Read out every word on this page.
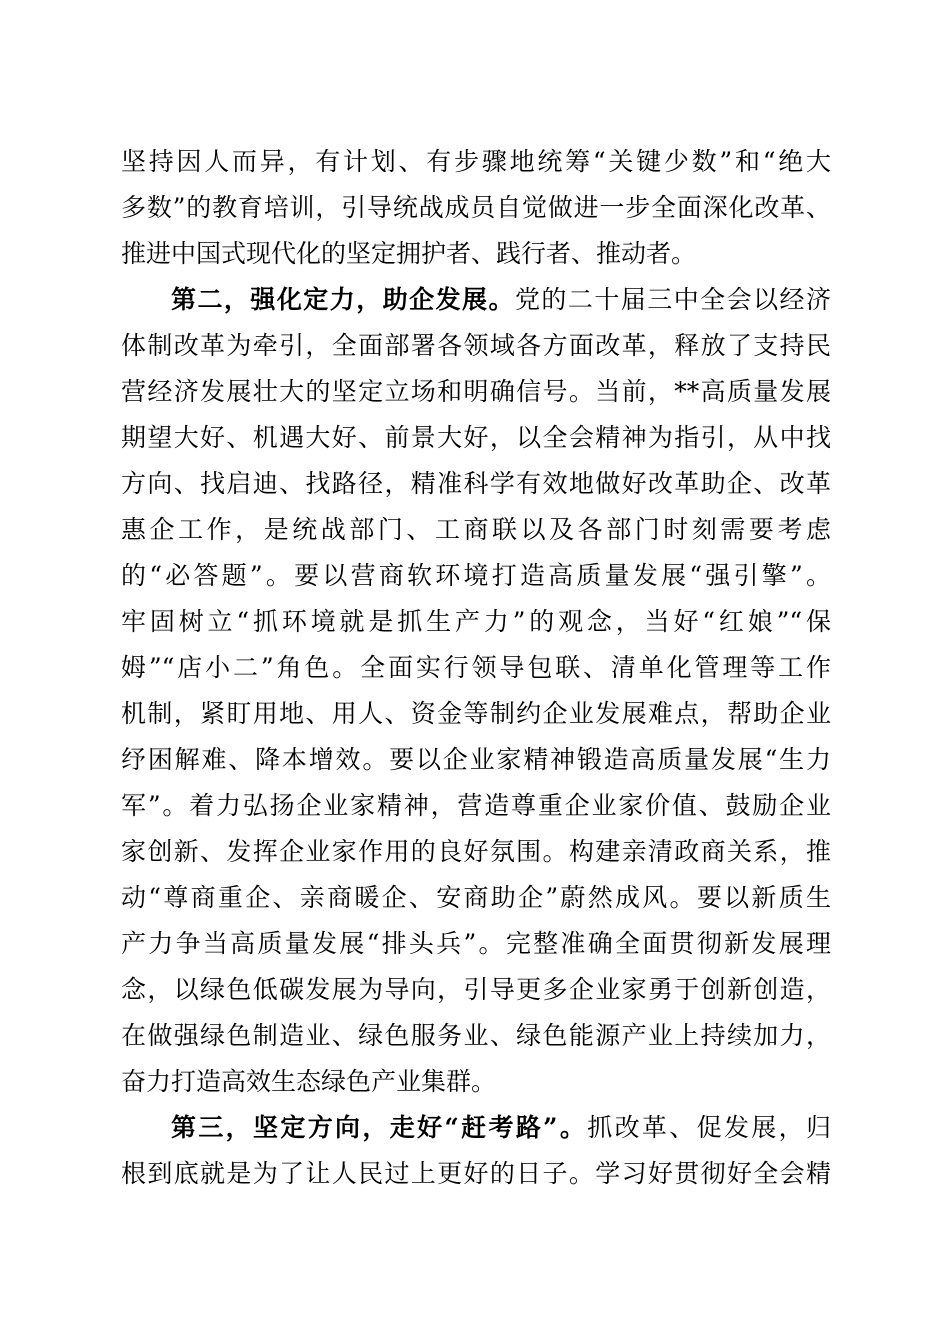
坚持因人而异，有计划、有步骤地统筹“关键少数”和“绝大
多数”的教育培训，引导统战成员自觉做进一步全面深化改革、
推进中国式现代化的坚定拥护者、践行者、推动者。
第二，强化定力，助企发展。党的二十届三中全会以经济
体制改革为牵引，全面部署各领域各方面改革，释放了支持民
营经济发展壮大的坚定立场和明确信号。当前，**高质量发展
期望大好、机遇大好、前景大好，以全会精神为指引，从中找
方向、找启迪、找路径，精准科学有效地做好改革助企、改革
惠企工作，是统战部门、工商联以及各部门时刻需要考虑
的“必答题”。要以营商软环境打造高质量发展“强引擎”。
牢固树立“抓环境就是抓生产力”的观念，当好“红娘”“保
姆”“店小二”角色。全面实行领导包联、清单化管理等工作
机制，紧盯用地、用人、资金等制约企业发展难点，帮助企业
纾困解难、降本增效。要以企业家精神锻造高质量发展“生力
军”。着力弘扬企业家精神，营造尊重企业家价值、鼓励企业
家创新、发挥企业家作用的良好氛围。构建亲清政商关系，推
动“尊商重企、亲商暖企、安商助企”蔚然成风。要以新质生
产力争当高质量发展“排头兵”。完整准确全面贯彻新发展理
念，以绿色低碳发展为导向，引导更多企业家勇于创新创造，
在做强绿色制造业、绿色服务业、绿色能源产业上持续加力，
奋力打造高效生态绿色产业集群。
第三，坚定方向，走好“赶考路”。抓改革、促发展，归
根到底就是为了让人民过上更好的日子。学习好贯彻好全会精
